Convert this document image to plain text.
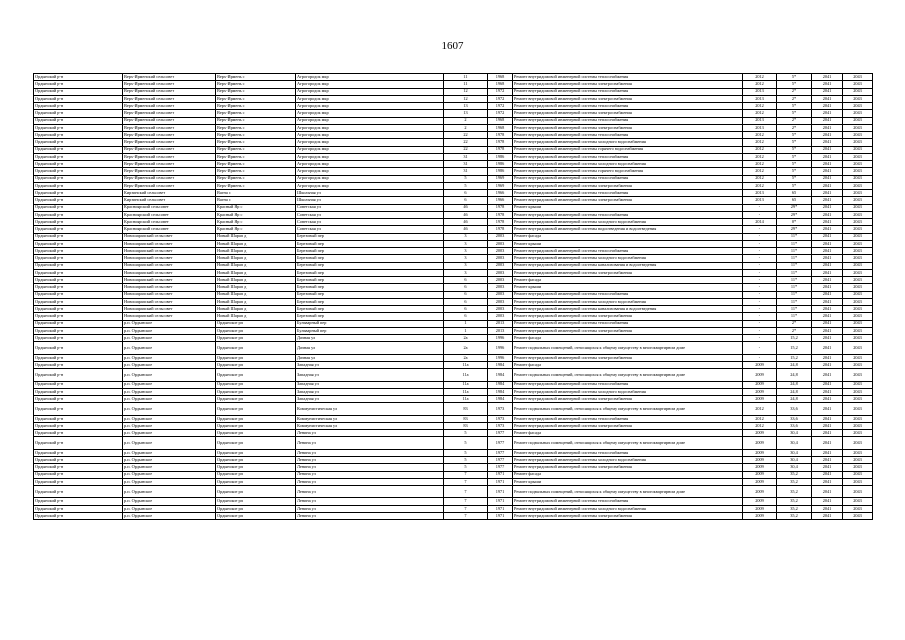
1607
Ордынский р-н	Верх-Ирменский сельсовет	Верх-Ирмень с	Агрогородок мкр	11	1968	Ремонт внутридомовой инженерной системы теплоснабжения	2012	5*	2041	2043
Ордынский р-н	Верх-Ирменский сельсовет	Верх-Ирмень с	Агрогородок мкр	11	1968	Ремонт внутридомовой инженерной системы электроснабжения	2012	5*	2041	2043
Ордынский р-н	Верх-Ирменский сельсовет	Верх-Ирмень с	Агрогородок мкр	12	1972	Ремонт внутридомовой инженерной системы теплоснабжения	2013	2*	2041	2043
Ордынский р-н	Верх-Ирменский сельсовет	Верх-Ирмень с	Агрогородок мкр	12	1972	Ремонт внутридомовой инженерной системы электроснабжения	2013	2*	2041	2043
Ордынский р-н	Верх-Ирменский сельсовет	Верх-Ирмень с	Агрогородок мкр	13	1972	Ремонт внутридомовой инженерной системы теплоснабжения	2012	5*	2041	2043
Ордынский р-н	Верх-Ирменский сельсовет	Верх-Ирмень с	Агрогородок мкр	13	1972	Ремонт внутридомовой инженерной системы электроснабжения	2012	5*	2041	2043
Ордынский р-н	Верх-Ирменский сельсовет	Верх-Ирмень с	Агрогородок мкр	2	1968	Ремонт внутридомовой инженерной системы теплоснабжения	2013	2*	2041	2043
Ордынский р-н	Верх-Ирменский сельсовет	Верх-Ирмень с	Агрогородок мкр	2	1968	Ремонт внутридомовой инженерной системы электроснабжения	2013	2*	2041	2043
Ордынский р-н	Верх-Ирменский сельсовет	Верх-Ирмень с	Агрогородок мкр	22	1978	Ремонт внутридомовой инженерной системы теплоснабжения	2012	5*	2041	2043
Ордынский р-н	Верх-Ирменский сельсовет	Верх-Ирмень с	Агрогородок мкр	22	1978	Ремонт внутридомовой инженерной системы холодного водоснабжения	2012	5*	2041	2043
Ордынский р-н	Верх-Ирменский сельсовет	Верх-Ирмень с	Агрогородок мкр	22	1978	Ремонт внутридомовой инженерной системы горячего водоснабжения	2012	5*	2041	2043
Ордынский р-н	Верх-Ирменский сельсовет	Верх-Ирмень с	Агрогородок мкр	31	1986	Ремонт внутридомовой инженерной системы теплоснабжения	2012	5*	2041	2043
Ордынский р-н	Верх-Ирменский сельсовет	Верх-Ирмень с	Агрогородок мкр	31	1986	Ремонт внутридомовой инженерной системы холодного водоснабжения	2012	5*	2041	2043
Ордынский р-н	Верх-Ирменский сельсовет	Верх-Ирмень с	Агрогородок мкр	31	1986	Ремонт внутридомовой инженерной системы горячего водоснабжения	2012	5*	2041	2043
Ордынский р-н	Верх-Ирменский сельсовет	Верх-Ирмень с	Агрогородок мкр	5	1969	Ремонт внутридомовой инженерной системы теплоснабжения	2012	5*	2041	2043
Ордынский р-н	Верх-Ирменский сельсовет	Верх-Ирмень с	Агрогородок мкр	5	1969	Ремонт внутридомовой инженерной системы электроснабжения	2012	5*	2041	2043
Ордынский р-н	Кирзинский сельсовет	Вагна с	Школьная ул	6	1966	Ремонт внутридомовой инженерной системы теплоснабжения	2013	65	2041	2043
Ордынский р-н	Кирзинский сельсовет	Вагна с	Школьная ул	6	1966	Ремонт внутридомовой инженерной системы электроснабжения	2013	65	2041	2043
Ордынский р-н	Красноярский сельсовет	Красный Яр с	Советская ул	46	1978	Ремонт крыши	-	29*	2041	2043
Ордынский р-н	Красноярский сельсовет	Красный Яр с	Советская ул	46	1978	Ремонт внутридомовой инженерной системы теплоснабжения	-	29*	2041	2043
Ордынский р-н	Красноярский сельсовет	Красный Яр с	Советская ул	46	1978	Ремонт внутридомовой инженерной системы холодного водоснабжения	2014	0*	2041	2043
Ордынский р-н	Красноярский сельсовет	Красный Яр с	Советская ул	46	1978	Ремонт внутридомовой инженерной системы водоотведения и водоотведения	-	29*	2041	2043
Ордынский р-н	Новошарапский сельсовет	Новый Шарап д	Березовый пер	3	2003	Ремонт фасада	-	11*	2041	2043
Ордынский р-н	Новошарапский сельсовет	Новый Шарап д	Березовый пер	3	2003	Ремонт крыши	-	11*	2041	2043
Ордынский р-н	Новошарапский сельсовет	Новый Шарап д	Березовый пер	3	2003	Ремонт внутридомовой инженерной системы теплоснабжения	-	11*	2041	2043
Ордынский р-н	Новошарапский сельсовет	Новый Шарап д	Березовый пер	3	2003	Ремонт внутридомовой инженерной системы холодного водоснабжения	-	11*	2041	2043
Ордынский р-н	Новошарапский сельсовет	Новый Шарап д	Березовый пер	3	2003	Ремонт внутридомовой инженерной системы канализования и водоотведения	-	11*	2041	2043
Ордынский р-н	Новошарапский сельсовет	Новый Шарап д	Березовый пер	3	2003	Ремонт внутридомовой инженерной системы электроснабжения	-	11*	2041	2043
Ордынский р-н	Новошарапский сельсовет	Новый Шарап д	Березовый пер	6	2003	Ремонт фасада	-	11*	2041	2043
Ордынский р-н	Новошарапский сельсовет	Новый Шарап д	Березовый пер	6	2003	Ремонт крыши	-	11*	2041	2043
Ордынский р-н	Новошарапский сельсовет	Новый Шарап д	Березовый пер	6	2003	Ремонт внутридомовой инженерной системы теплоснабжения	-	11*	2041	2043
Ордынский р-н	Новошарапский сельсовет	Новый Шарап д	Березовый пер	6	2003	Ремонт внутридомовой инженерной системы холодного водоснабжения	-	11*	2041	2043
Ордынский р-н	Новошарапский сельсовет	Новый Шарап д	Березовый пер	6	2003	Ремонт внутридомовой инженерной системы канализования и водоотведения	-	11*	2041	2043
Ордынский р-н	Новошарапский сельсовет	Новый Шарап д	Березовый пер	6	2003	Ремонт внутридомовой инженерной системы электроснабжения	-	11*	2041	2043
Ордынский р-н	р.п. Ордынское	Ордынское рп	Бульварный пер	1	2013	Ремонт внутридомовой инженерной системы теплоснабжения	-	2*	2041	2043
Ордынский р-н	р.п. Ордынское	Ордынское рп	Бульварный пер	1	2013	Ремонт внутридомовой инженерной системы электроснабжения	-	2*	2041	2043
Ордынский р-н	р.п. Ордынское	Ордынское рп	Дачная ул	2а	1996	Ремонт фасада	-	15,2	2041	2043
Ордынский р-н	р.п. Ордынское	Ордынское рп	Дачная ул	2а	1996	Ремонт подвальных помещений, относящихся к общему имуществу в многоквартирном доме	-	15,2	2041	2043
Ордынский р-н	р.п. Ордынское	Ордынское рп	Дачная ул	2а	1996	Ремонт внутридомовой инженерной системы электроснабжения	-	15,2	2041	2043
Ордынский р-н	р.п. Ордынское	Ордынское рп	Западная ул	11а	1984	Ремонт фасада	2009	24,8	2041	2043
Ордынский р-н	р.п. Ордынское	Ордынское рп	Западная ул	11а	1984	Ремонт подвальных помещений, относящихся к общему имуществу в многоквартирном доме	2009	24,8	2041	2043
Ордынский р-н	р.п. Ордынское	Ордынское рп	Западная ул	11а	1984	Ремонт внутридомовой инженерной системы теплоснабжения	2009	24,8	2041	2043
Ордынский р-н	р.п. Ордынское	Ордынское рп	Западная ул	11а	1984	Ремонт внутридомовой инженерной системы холодного водоснабжения	2009	24,8	2041	2043
Ордынский р-н	р.п. Ордынское	Ордынское рп	Западная ул	11а	1984	Ремонт внутридомовой инженерной системы электроснабжения	2009	24,8	2041	2043
Ордынский р-н	р.п. Ордынское	Ордынское рп	Коммунистическая ул	83	1973	Ремонт подвальных помещений, относящихся к общему имуществу в многоквартирном доме	2012	33,6	2041	2043
Ордынский р-н	р.п. Ордынское	Ордынское рп	Коммунистическая ул	83	1973	Ремонт внутридомовой инженерной системы теплоснабжения	2012	33,6	2041	2043
Ордынский р-н	р.п. Ордынское	Ордынское рп	Коммунистическая ул	83	1973	Ремонт внутридомовой инженерной системы электроснабжения	2012	33,6	2041	2043
Ордынский р-н	р.п. Ордынское	Ордынское рп	Ленина ул	5	1977	Ремонт фасада	2009	30,4	2041	2043
Ордынский р-н	р.п. Ордынское	Ордынское рп	Ленина ул	5	1977	Ремонт подвальных помещений, относящихся к общему имуществу в многоквартирном доме	2009	30,4	2041	2043
Ордынский р-н	р.п. Ордынское	Ордынское рп	Ленина ул	5	1977	Ремонт внутридомовой инженерной системы теплоснабжения	2009	30,4	2041	2043
Ордынский р-н	р.п. Ордынское	Ордынское рп	Ленина ул	5	1977	Ремонт внутридомовой инженерной системы холодного водоснабжения	2009	30,4	2041	2043
Ордынский р-н	р.п. Ордынское	Ордынское рп	Ленина ул	5	1977	Ремонт внутридомовой инженерной системы электроснабжения	2009	30,4	2041	2043
Ордынский р-н	р.п. Ордынское	Ордынское рп	Ленина ул	7	1971	Ремонт фасада	2009	35,2	2041	2043
Ордынский р-н	р.п. Ордынское	Ордынское рп	Ленина ул	7	1971	Ремонт крыши	2009	35,2	2041	2043
Ордынский р-н	р.п. Ордынское	Ордынское рп	Ленина ул	7	1971	Ремонт подвальных помещений, относящихся к общему имуществу в многоквартирном доме	2009	35,2	2041	2043
Ордынский р-н	р.п. Ордынское	Ордынское рп	Ленина ул	7	1971	Ремонт внутридомовой инженерной системы теплоснабжения	2009	35,2	2041	2043
Ордынский р-н	р.п. Ордынское	Ордынское рп	Ленина ул	7	1971	Ремонт внутридомовой инженерной системы холодного водоснабжения	2009	35,2	2041	2043
Ордынский р-н	р.п. Ордынское	Ордынское рп	Ленина ул	7	1971	Ремонт внутридомовой инженерной системы электроснабжения	2009	35,2	2041	2043
